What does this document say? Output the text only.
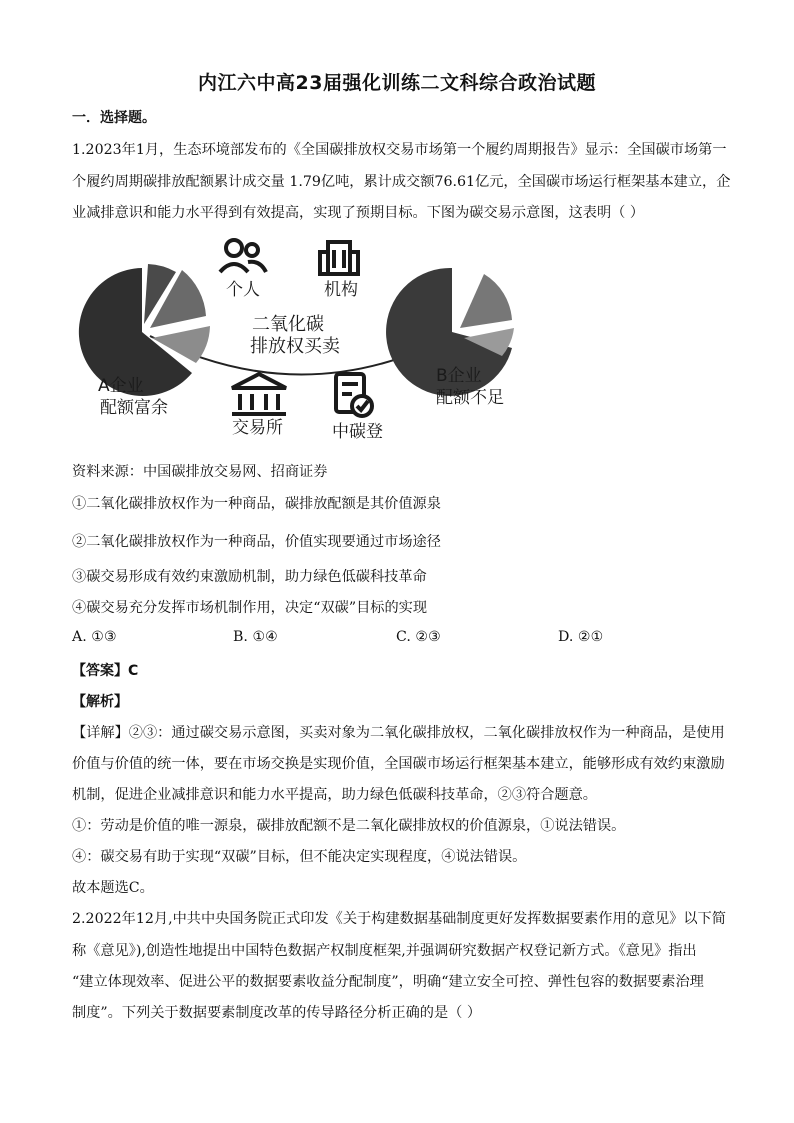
内江六中高23届强化训练二文科综合政治试题
一．选择题。
1.2023年1月，生态环境部发布的《全国碳排放权交易市场第一个履约周期报告》显示：全国碳市场第一
个履约周期碳排放配额累计成交量 1.79亿吨，累计成交额76.61亿元，全国碳市场运行框架基本建立，企
业减排意识和能力水平得到有效提高，实现了预期目标。下图为碳交易示意图，这表明（ ）
个人	机构
二氧化碳
排放权买卖
A企业
配额富余
B企业
配额不足
交易所	中碳登
资料来源：中国碳排放交易网、招商证券
①二氧化碳排放权作为一种商品，碳排放配额是其价值源泉
②二氧化碳排放权作为一种商品，价值实现要通过市场途径
③碳交易形成有效约束激励机制，助力绿色低碳科技革命
④碳交易充分发挥市场机制作用，决定“双碳”目标的实现
A. ①③	B. ①④	C. ②③	D. ②①
【答案】C
【解析】
【详解】②③：通过碳交易示意图，买卖对象为二氧化碳排放权，二氧化碳排放权作为一种商品，是使用
价值与价值的统一体，要在市场交换是实现价值，全国碳市场运行框架基本建立，能够形成有效约束激励
机制，促进企业减排意识和能力水平提高，助力绿色低碳科技革命，②③符合题意。
①：劳动是价值的唯一源泉，碳排放配额不是二氧化碳排放权的价值源泉，①说法错误。
④：碳交易有助于实现“双碳”目标，但不能决定实现程度，④说法错误。
故本题选C。
2.2022年12月,中共中央国务院正式印发《关于构建数据基础制度更好发挥数据要素作用的意见》以下简
称《意见》),创造性地提出中国特色数据产权制度框架,并强调研究数据产权登记新方式。《意见》指出
“建立体现效率、促进公平的数据要素收益分配制度”，明确“建立安全可控、弹性包容的数据要素治理
制度”。下列关于数据要素制度改革的传导路径分析正确的是（ ）
